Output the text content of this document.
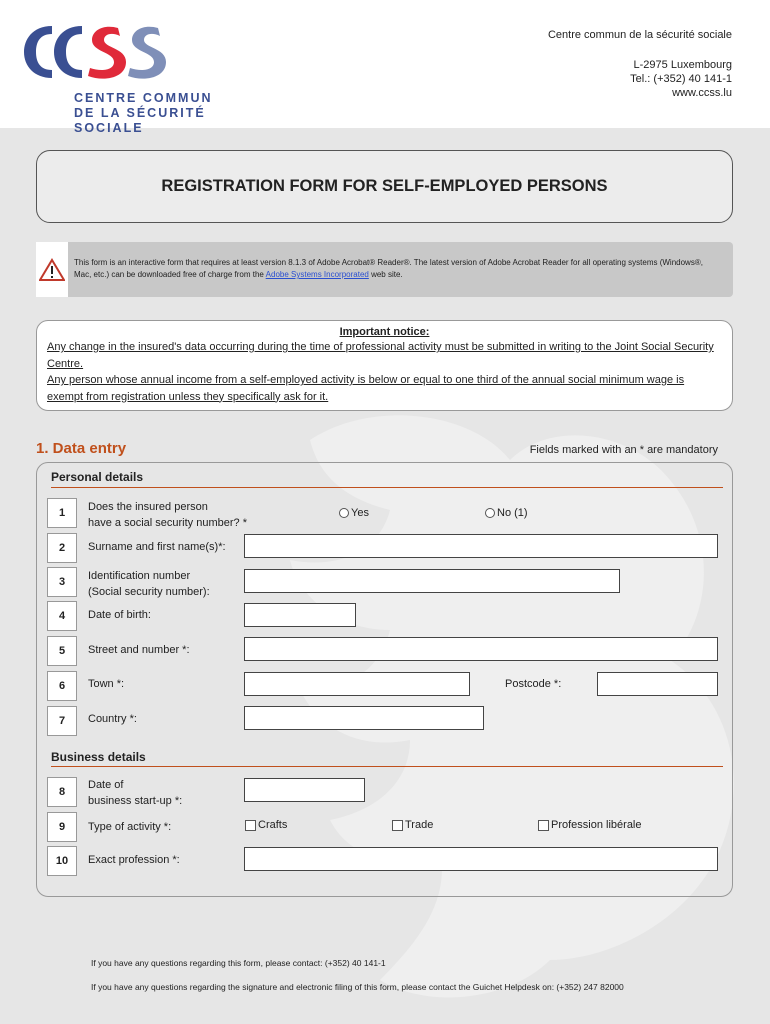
CENTRE COMMUN
DE LA SÉCURITÉ SOCIALE
Centre commun de la sécurité sociale
L-2975 Luxembourg
Tel.: (+352) 40 141-1
www.ccss.lu
REGISTRATION FORM FOR SELF-EMPLOYED PERSONS
This form is an interactive form that requires at least version 8.1.3 of Adobe Acrobat® Reader®. The latest version of Adobe Acrobat Reader for all operating systems (Windows®, Mac, etc.) can be downloaded free of charge from the Adobe Systems Incorporated web site.
Important notice:
Any change in the insured's data occurring during the time of professional activity must be submitted in writing to the Joint Social Security Centre.
Any person whose annual income from a self-employed activity is below or equal to one third of the annual social minimum wage is exempt from registration unless they specifically ask for it.
1. Data entry	Fields marked with an * are mandatory
Personal details
1	Does the insured person
have a social security number? *
Yes	No (1)
2	Surname and first name(s)*:
3	Identification number
(Social security number):
4	Date of birth:
5	Street and number *:
6	Town *:	Postcode *:
7	Country *:
Business details
8
Date of
business start-up *:
9	Type of activity *:	Crafts	Trade	Profession libérale
10	Exact profession *:
If you have any questions regarding this form, please contact: (+352) 40 141-1
If you have any questions regarding the signature and electronic filing of this form, please contact the Guichet Helpdesk on: (+352) 247 82000
